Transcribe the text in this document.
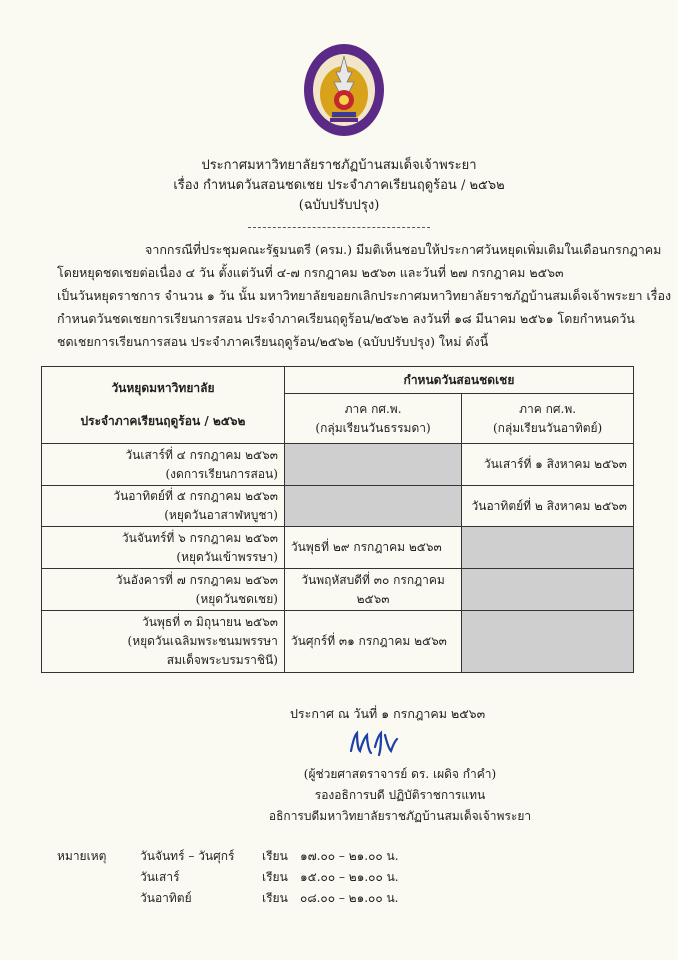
ประกาศมหาวิทยาลัยราชภัฏบ้านสมเด็จเจ้าพระยา
เรื่อง กำหนดวันสอนชดเชย ประจำภาคเรียนฤดูร้อน / ๒๕๖๒
(ฉบับปรับปรุง)

จากกรณีที่ประชุมคณะรัฐมนตรี (ครม.) มีมติเห็นชอบให้ประกาศวันหยุดเพิ่มเติมในเดือนกรกฎาคม

โดยหยุดชดเชยต่อเนื่อง ๔ วัน ตั้งแต่วันที่ ๔-๗ กรกฎาคม ๒๕๖๓ และวันที่ ๒๗ กรกฎาคม ๒๕๖๓

เป็นวันหยุดราชการ จำนวน ๑ วัน นั้น มหาวิทยาลัยขอยกเลิกประกาศมหาวิทยาลัยราชภัฏบ้านสมเด็จเจ้าพระยา เรื่อง

กำหนดวันชดเชยการเรียนการสอน ประจำภาคเรียนฤดูร้อน/๒๕๖๒ ลงวันที่ ๑๘ มีนาคม ๒๕๖๑ โดยกำหนดวัน

ชดเชยการเรียนการสอน ประจำภาคเรียนฤดูร้อน/๒๕๖๒ (ฉบับปรับปรุง) ใหม่ ดังนี้

วันหยุดมหาวิทยาลัย
ประจำภาคเรียนฤดูร้อน / ๒๕๖๒	กำหนดวันสอนชดเชย	

	ภาค กศ.พ.
(กลุ่มเรียนวันธรรมดา)	ภาค กศ.พ.
(กลุ่มเรียนวันอาทิตย์)

วันเสาร์ที่ ๔ กรกฎาคม ๒๕๖๓
(งดการเรียนการสอน)		วันเสาร์ที่ ๑ สิงหาคม ๒๕๖๓

วันอาทิตย์ที่ ๕ กรกฎาคม ๒๕๖๓
(หยุดวันอาสาฬหบูชา)		วันอาทิตย์ที่ ๒ สิงหาคม ๒๕๖๓

วันจันทร์ที่ ๖ กรกฎาคม ๒๕๖๓
(หยุดวันเข้าพรรษา)	วันพุธที่ ๒๙ กรกฎาคม ๒๕๖๓	

วันอังคารที่ ๗ กรกฎาคม ๒๕๖๓
(หยุดวันชดเชย)	วันพฤหัสบดีที่ ๓๐ กรกฎาคม ๒๕๖๓	

วันพุธที่ ๓ มิถุนายน ๒๕๖๓
(หยุดวันเฉลิมพระชนมพรรษา
สมเด็จพระบรมราชินี)	วันศุกร์ที่ ๓๑ กรกฎาคม ๒๕๖๓	
ประกาศ ณ วันที่ ๑ กรกฎาคม ๒๕๖๓
(ผู้ช่วยศาสตราจารย์ ดร. เผดิจ กำคำ)
รองอธิการบดี ปฏิบัติราชการแทน
อธิการบดีมหาวิทยาลัยราชภัฏบ้านสมเด็จเจ้าพระยา
หมายเหตุ	วันจันทร์ – วันศุกร์ เรียน ๑๗.๐๐ – ๒๑.๐๐ น.
วันเสาร์	เรียน ๑๕.๐๐ – ๒๑.๐๐ น.
วันอาทิตย์	เรียน ๐๘.๐๐ – ๒๑.๐๐ น.
